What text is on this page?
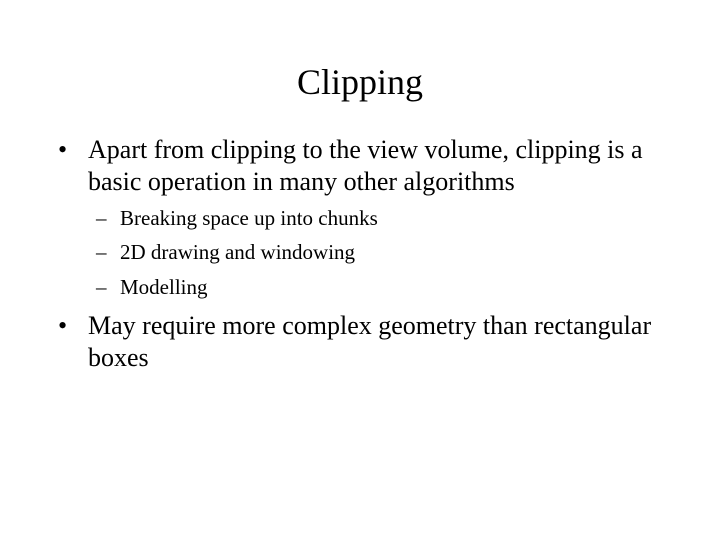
Clipping
• Apart from clipping to the view volume, clipping is a basic operation in many other algorithms
– Breaking space up into chunks
– 2D drawing and windowing
– Modelling
• May require more complex geometry than rectangular boxes
